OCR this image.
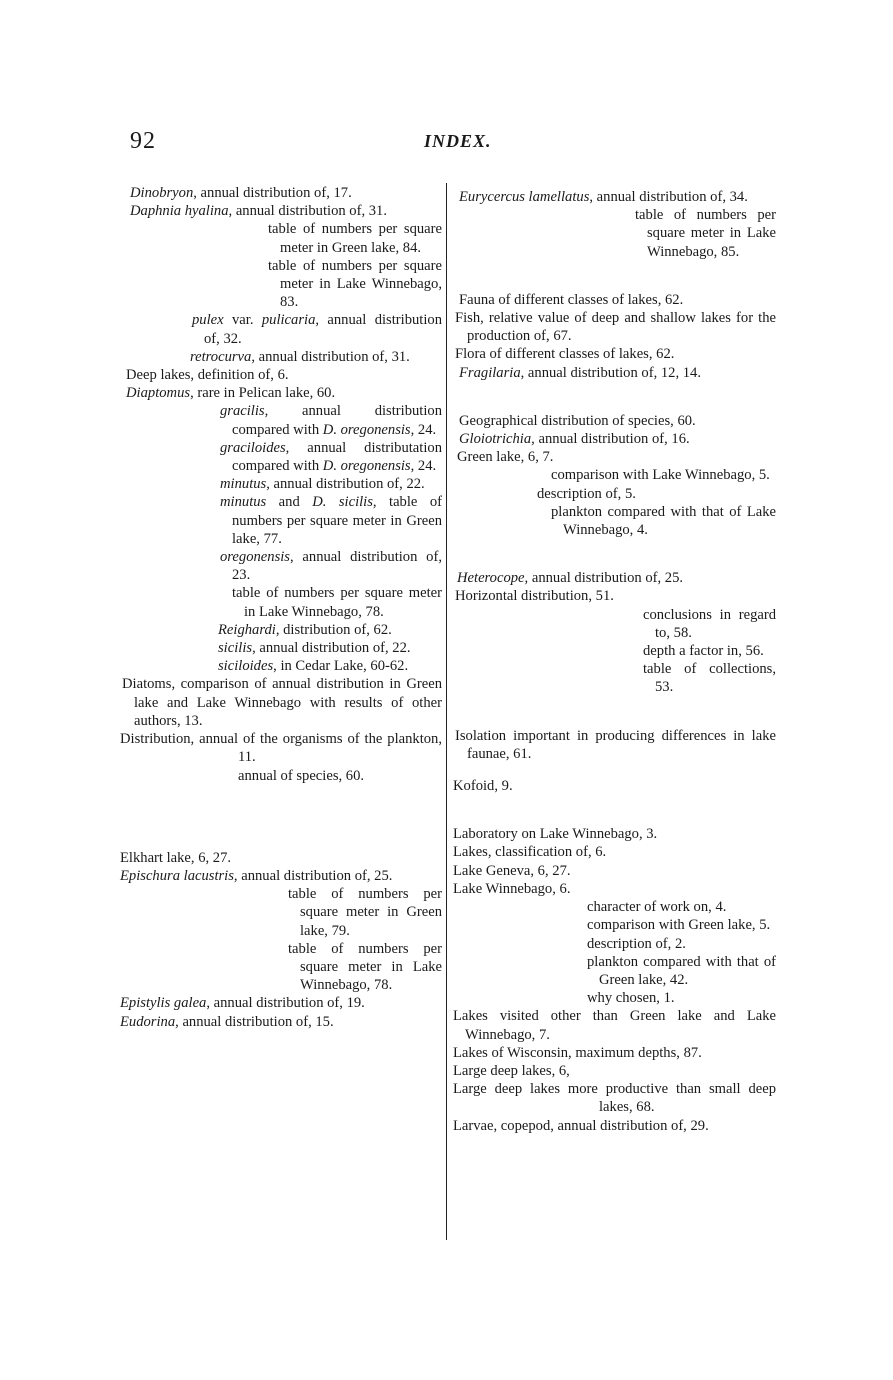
92	INDEX.

Dinobryon, annual distribution of, 17.

Daphnia hyalina, annual distribution of, 31.

table of numbers per square meter in Green lake, 84.

table of numbers per square meter in Lake Winnebago, 83.

pulex var. pulicaria, annual distribution of, 32.

retrocurva, annual distribution of, 31.

Deep lakes, definition of, 6.

Diaptomus, rare in Pelican lake, 60.

gracilis, annual distribution compared with D. oregonensis, 24.

graciloides, annual distributation compared with D. oregonensis, 24.

minutus, annual distribution of, 22.

minutus and D. sicilis, table of numbers per square meter in Green lake, 77.

oregonensis, annual distribution of, 23.

table of numbers per square meter in Lake Winnebago, 78.

Reighardi, distribution of, 62.

sicilis, annual distribution of, 22.

siciloides, in Cedar Lake, 60-62.

Diatoms, comparison of annual distribution in Green lake and Lake Winnebago with results of other authors, 13.

Distribution, annual of the organisms of the plankton, 11.

annual of species, 60.

Elkhart lake, 6, 27.

Epischura lacustris, annual distribution of, 25.

table of numbers per square meter in Green lake, 79.

table of numbers per square meter in Lake Winnebago, 78.

Epistylis galea, annual distribution of, 19.

Eudorina, annual distribution of, 15.

Eurycercus lamellatus, annual distribution of, 34.

table of numbers per square meter in Lake Winnebago, 85.

Fauna of different classes of lakes, 62.

Fish, relative value of deep and shallow lakes for the production of, 67.

Flora of different classes of lakes, 62.

Fragilaria, annual distribution of, 12, 14.

Geographical distribution of species, 60.

Gloiotrichia, annual distribution of, 16.

Green lake, 6, 7.

comparison with Lake Winnebago, 5.

description of, 5.

plankton compared with that of Lake Winnebago, 4.

Heterocope, annual distribution of, 25.

Horizontal distribution, 51.

conclusions in regard to, 58.

depth a factor in, 56.

table of collections, 53.

Isolation important in producing differences in lake faunae, 61.

Kofoid, 9.

Laboratory on Lake Winnebago, 3.

Lakes, classification of, 6.

Lake Geneva, 6, 27.

Lake Winnebago, 6.

character of work on, 4.

comparison with Green lake, 5.

description of, 2.

plankton compared with that of Green lake, 42.

why chosen, 1.

Lakes visited other than Green lake and Lake Winnebago, 7.

Lakes of Wisconsin, maximum depths, 87.

Large deep lakes, 6,

Large deep lakes more productive than small deep lakes, 68.

Larvae, copepod, annual distribution of, 29.
